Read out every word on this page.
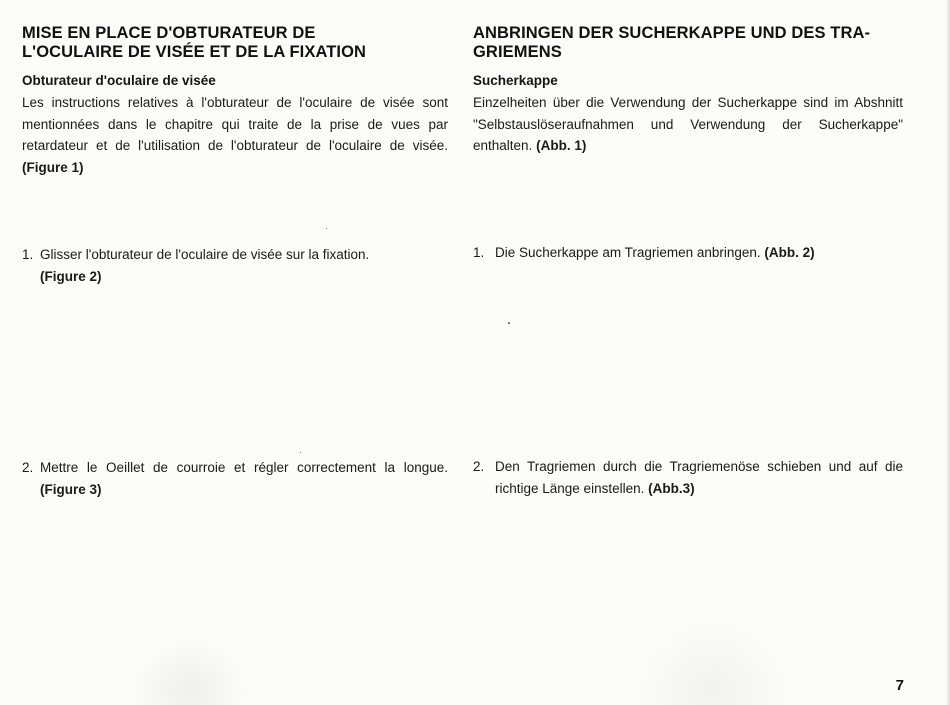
MISE EN PLACE D'OBTURATEUR DE
L'OCULAIRE DE VISÉE ET DE LA FIXATION
Obturateur d'oculaire de visée

Les instructions relatives à l'obturateur de l'oculaire de visée sont mentionnées dans le chapitre qui traite de la prise de vues par retardateur et de l'utilisation de l'obturateur de l'oculaire de visée. (Figure 1)

1. Glisser l'obturateur de l'oculaire de visée sur la fixation.
(Figure 2)
2. Mettre le Oeillet de courroie et régler correctement la longue. (Figure 3)
ANBRINGEN DER SUCHERKAPPE UND DES TRA-
GRIEMENS
Sucherkappe

Einzelheiten über die Verwendung der Sucherkappe sind im Abshnitt "Selbstauslöseraufnahmen und Verwendung der Sucherkappe" enthalten. (Abb. 1)

1. Die Sucherkappe am Tragriemen anbringen. (Abb. 2)
2. Den Tragriemen durch die Tragriemenöse schieben und auf die richtige Länge einstellen. (Abb.3)
7
